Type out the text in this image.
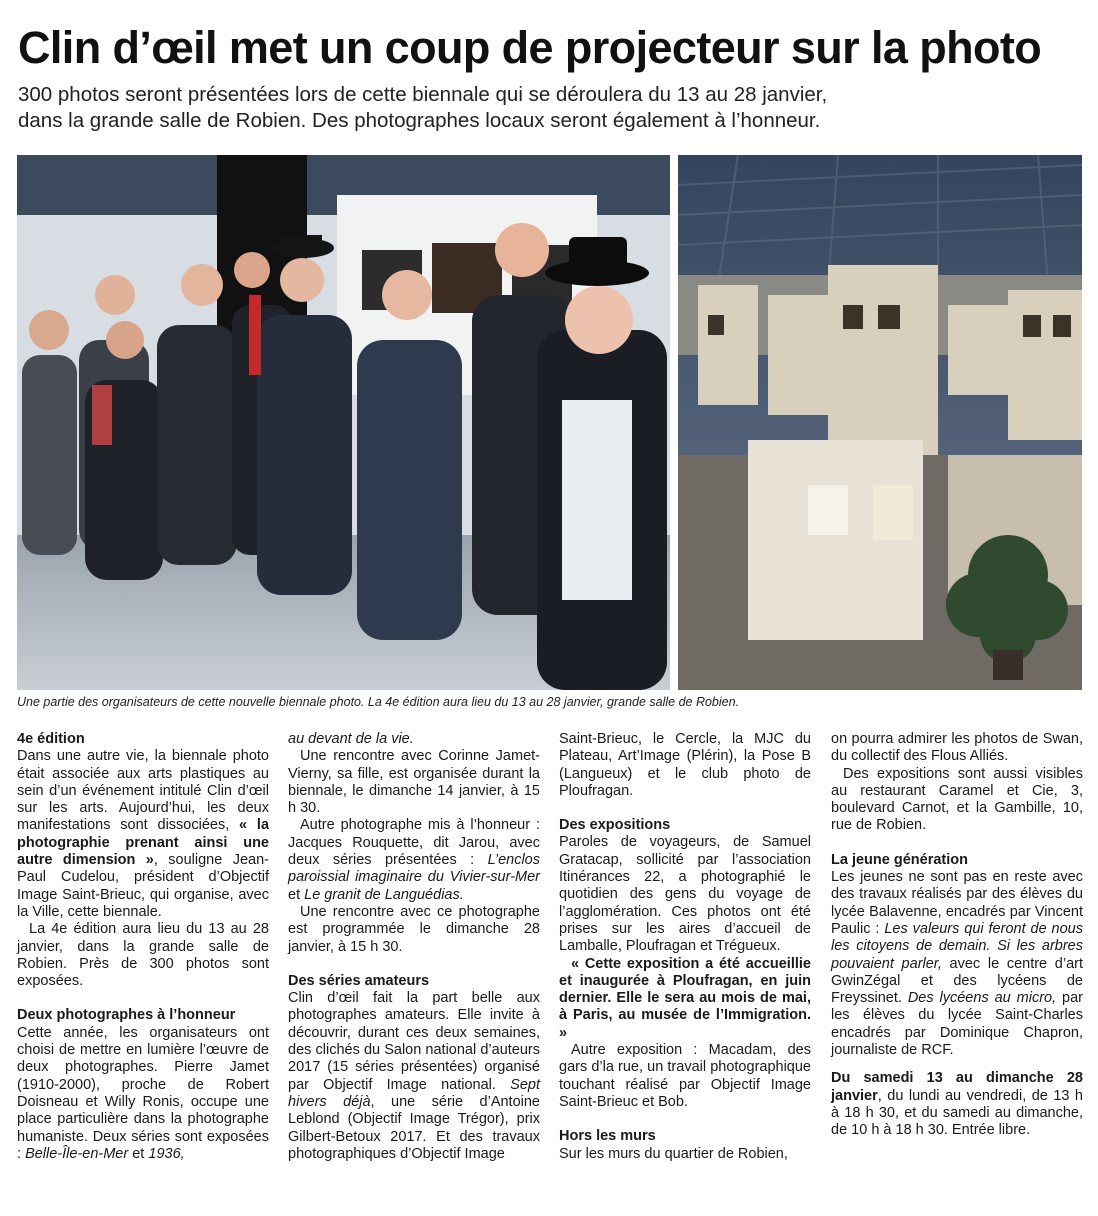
Clin d’œil met un coup de projecteur sur la photo
300 photos seront présentées lors de cette biennale qui se déroulera du 13 au 28 janvier,
dans la grande salle de Robien. Des photographes locaux seront également à l’honneur.
Une partie des organisateurs de cette nouvelle biennale photo. La 4e édition aura lieu du 13 au 28 janvier, grande salle de Robien.
4e édition

Dans une autre vie, la biennale photo était associée aux arts plastiques au sein d’un événement intitulé Clin d’œil sur les arts. Aujourd’hui, les deux manifestations sont dissociées, « la photographie prenant ainsi une autre dimension », souligne Jean-Paul Cudelou, président d’Objectif Image Saint-Brieuc, qui organise, avec la Ville, cette biennale.

La 4e édition aura lieu du 13 au 28 janvier, dans la grande salle de Robien. Près de 300 photos sont exposées.

Deux photographes à l’honneur

Cette année, les organisateurs ont choisi de mettre en lumière l’œuvre de deux photographes. Pierre Jamet (1910-2000), proche de Robert Doisneau et Willy Ronis, occupe une place particulière dans la photographe humaniste. Deux séries sont exposées : Belle-Île-en-Mer et 1936,

au devant de la vie.

Une rencontre avec Corinne Jamet-Vierny, sa fille, est organisée durant la biennale, le dimanche 14 janvier, à 15 h 30.

Autre photographe mis à l’honneur : Jacques Rouquette, dit Jarou, avec deux séries présentées : L’enclos paroissial imaginaire du Vivier-sur-Mer et Le granit de Languédias.

Une rencontre avec ce photographe est programmée le dimanche 28 janvier, à 15 h 30.

Des séries amateurs

Clin d’œil fait la part belle aux photographes amateurs. Elle invite à découvrir, durant ces deux semaines, des clichés du Salon national d’auteurs 2017 (15 séries présentées) organisé par Objectif Image national. Sept hivers déjà, une série d’Antoine Leblond (Objectif Image Trégor), prix Gilbert-Betoux 2017. Et des travaux photographiques d’Objectif Image

Saint-Brieuc, le Cercle, la MJC du Plateau, Art’Image (Plérin), la Pose B (Langueux) et le club photo de Ploufragan.

Des expositions

Paroles de voyageurs, de Samuel Gratacap, sollicité par l’association Itinérances 22, a photographié le quotidien des gens du voyage de l’agglomération. Ces photos ont été prises sur les aires d’accueil de Lamballe, Ploufragan et Trégueux.

« Cette exposition a été accueillie et inaugurée à Ploufragan, en juin dernier. Elle le sera au mois de mai, à Paris, au musée de l’Immigration. »

Autre exposition : Macadam, des gars d’la rue, un travail photographique touchant réalisé par Objectif Image Saint-Brieuc et Bob.

Hors les murs

Sur les murs du quartier de Robien,

on pourra admirer les photos de Swan, du collectif des Flous Alliés.

Des expositions sont aussi visibles au restaurant Caramel et Cie, 3, boulevard Carnot, et la Gambille, 10, rue de Robien.

La jeune génération

Les jeunes ne sont pas en reste avec des travaux réalisés par des élèves du lycée Balavenne, encadrés par Vincent Paulic : Les valeurs qui feront de nous les citoyens de demain. Si les arbres pouvaient parler, avec le centre d’art GwinZégal et des lycéens de Freyssinet. Des lycéens au micro, par les élèves du lycée Saint-Charles encadrés par Dominique Chapron, journaliste de RCF.

Du samedi 13 au dimanche 28 janvier, du lundi au vendredi, de 13 h à 18 h 30, et du samedi au dimanche, de 10 h à 18 h 30. Entrée libre.
